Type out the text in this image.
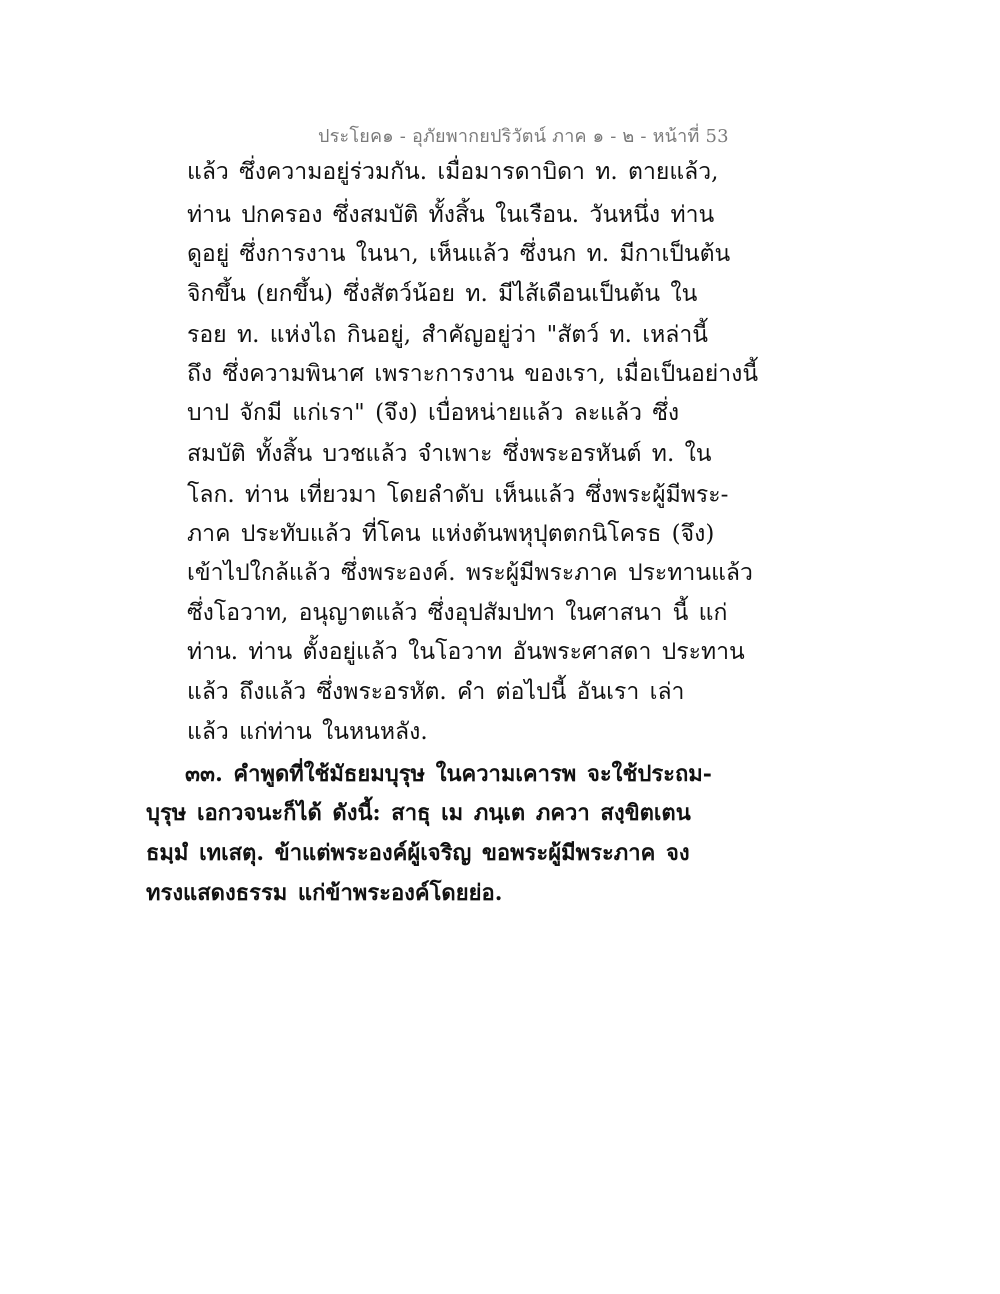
ประโยค๑ - อุภัยพากยปริวัตน์ ภาค ๑ - ๒ - หน้าที่ 53
แล้ว ซึ่งความอยู่ร่วมกัน. เมื่อมารดาบิดา ท. ตายแล้ว,
ท่าน ปกครอง ซึ่งสมบัติ ทั้งสิ้น ในเรือน. วันหนึ่ง ท่าน
ดูอยู่ ซึ่งการงาน ในนา, เห็นแล้ว ซึ่งนก ท. มีกาเป็นต้น
จิกขึ้น (ยกขึ้น) ซึ่งสัตว์น้อย ท. มีไส้เดือนเป็นต้น ใน
รอย ท. แห่งไถ กินอยู่, สำคัญอยู่ว่า "สัตว์ ท. เหล่านี้
ถึง ซึ่งความพินาศ เพราะการงาน ของเรา, เมื่อเป็นอย่างนี้
บาป จักมี แก่เรา" (จึง) เบื่อหน่ายแล้ว ละแล้ว ซึ่ง
สมบัติ ทั้งสิ้น บวชแล้ว จำเพาะ ซึ่งพระอรหันต์ ท. ใน
โลก. ท่าน เที่ยวมา โดยลำดับ เห็นแล้ว ซึ่งพระผู้มีพระ-
ภาค ประทับแล้ว ที่โคน แห่งต้นพหุปุตตกนิโครธ (จึง)
เข้าไปใกล้แล้ว ซึ่งพระองค์. พระผู้มีพระภาค ประทานแล้ว
ซึ่งโอวาท, อนุญาตแล้ว ซึ่งอุปสัมปทา ในศาสนา นี้ แก่
ท่าน. ท่าน ตั้งอยู่แล้ว ในโอวาท อันพระศาสดา ประทาน
แล้ว ถึงแล้ว ซึ่งพระอรหัต. คำ ต่อไปนี้ อันเรา เล่า
แล้ว แก่ท่าน ในหนหลัง.
๓๓. คำพูดที่ใช้มัธยมบุรุษ ในความเคารพ จะใช้ประถม-
บุรุษ เอกวจนะก็ได้ ดังนี้: สาธุ เม ภนฺเต ภควา สงฺขิตเตน
ธมฺมํ เทเสตุ. ข้าแต่พระองค์ผู้เจริญ ขอพระผู้มีพระภาค จง
ทรงแสดงธรรม แก่ข้าพระองค์โดยย่อ.
